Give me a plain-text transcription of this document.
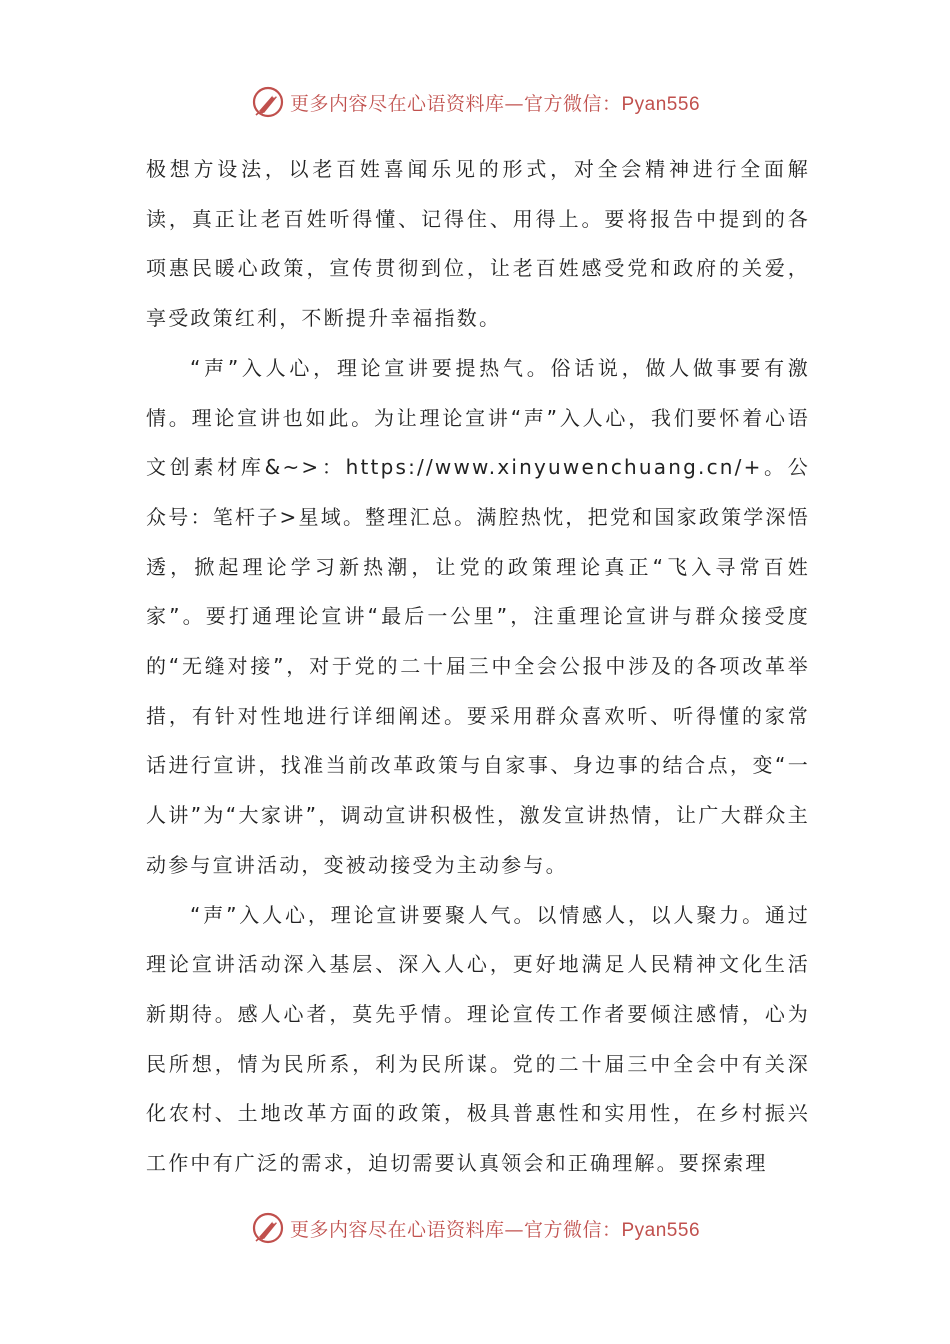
更多内容尽在心语资料库—官方微信：Pyan556

极想方设法，以老百姓喜闻乐见的形式，对全会精神进行全面解读，真正让老百姓听得懂、记得住、用得上。要将报告中提到的各项惠民暖心政策，宣传贯彻到位，让老百姓感受党和政府的关爱，享受政策红利，不断提升幸福指数。

“声”入人心，理论宣讲要提热气。俗话说，做人做事要有激情。理论宣讲也如此。为让理论宣讲“声”入人心，我们要怀着心语文创素材库&~>：https://www.xinyuwenchuang.cn/+。公众号：笔杆子>星域。整理汇总。满腔热忱，把党和国家政策学深悟透，掀起理论学习新热潮，让党的政策理论真正“飞入寻常百姓家”。要打通理论宣讲“最后一公里”，注重理论宣讲与群众接受度的“无缝对接”，对于党的二十届三中全会公报中涉及的各项改革举措，有针对性地进行详细阐述。要采用群众喜欢听、听得懂的家常话进行宣讲，找准当前改革政策与自家事、身边事的结合点，变“一人讲”为“大家讲”，调动宣讲积极性，激发宣讲热情，让广大群众主动参与宣讲活动，变被动接受为主动参与。

“声”入人心，理论宣讲要聚人气。以情感人，以人聚力。通过理论宣讲活动深入基层、深入人心，更好地满足人民精神文化生活新期待。感人心者，莫先乎情。理论宣传工作者要倾注感情，心为民所想，情为民所系，利为民所谋。党的二十届三中全会中有关深化农村、土地改革方面的政策，极具普惠性和实用性，在乡村振兴工作中有广泛的需求，迫切需要认真领会和正确理解。要探索理

更多内容尽在心语资料库—官方微信：Pyan556
